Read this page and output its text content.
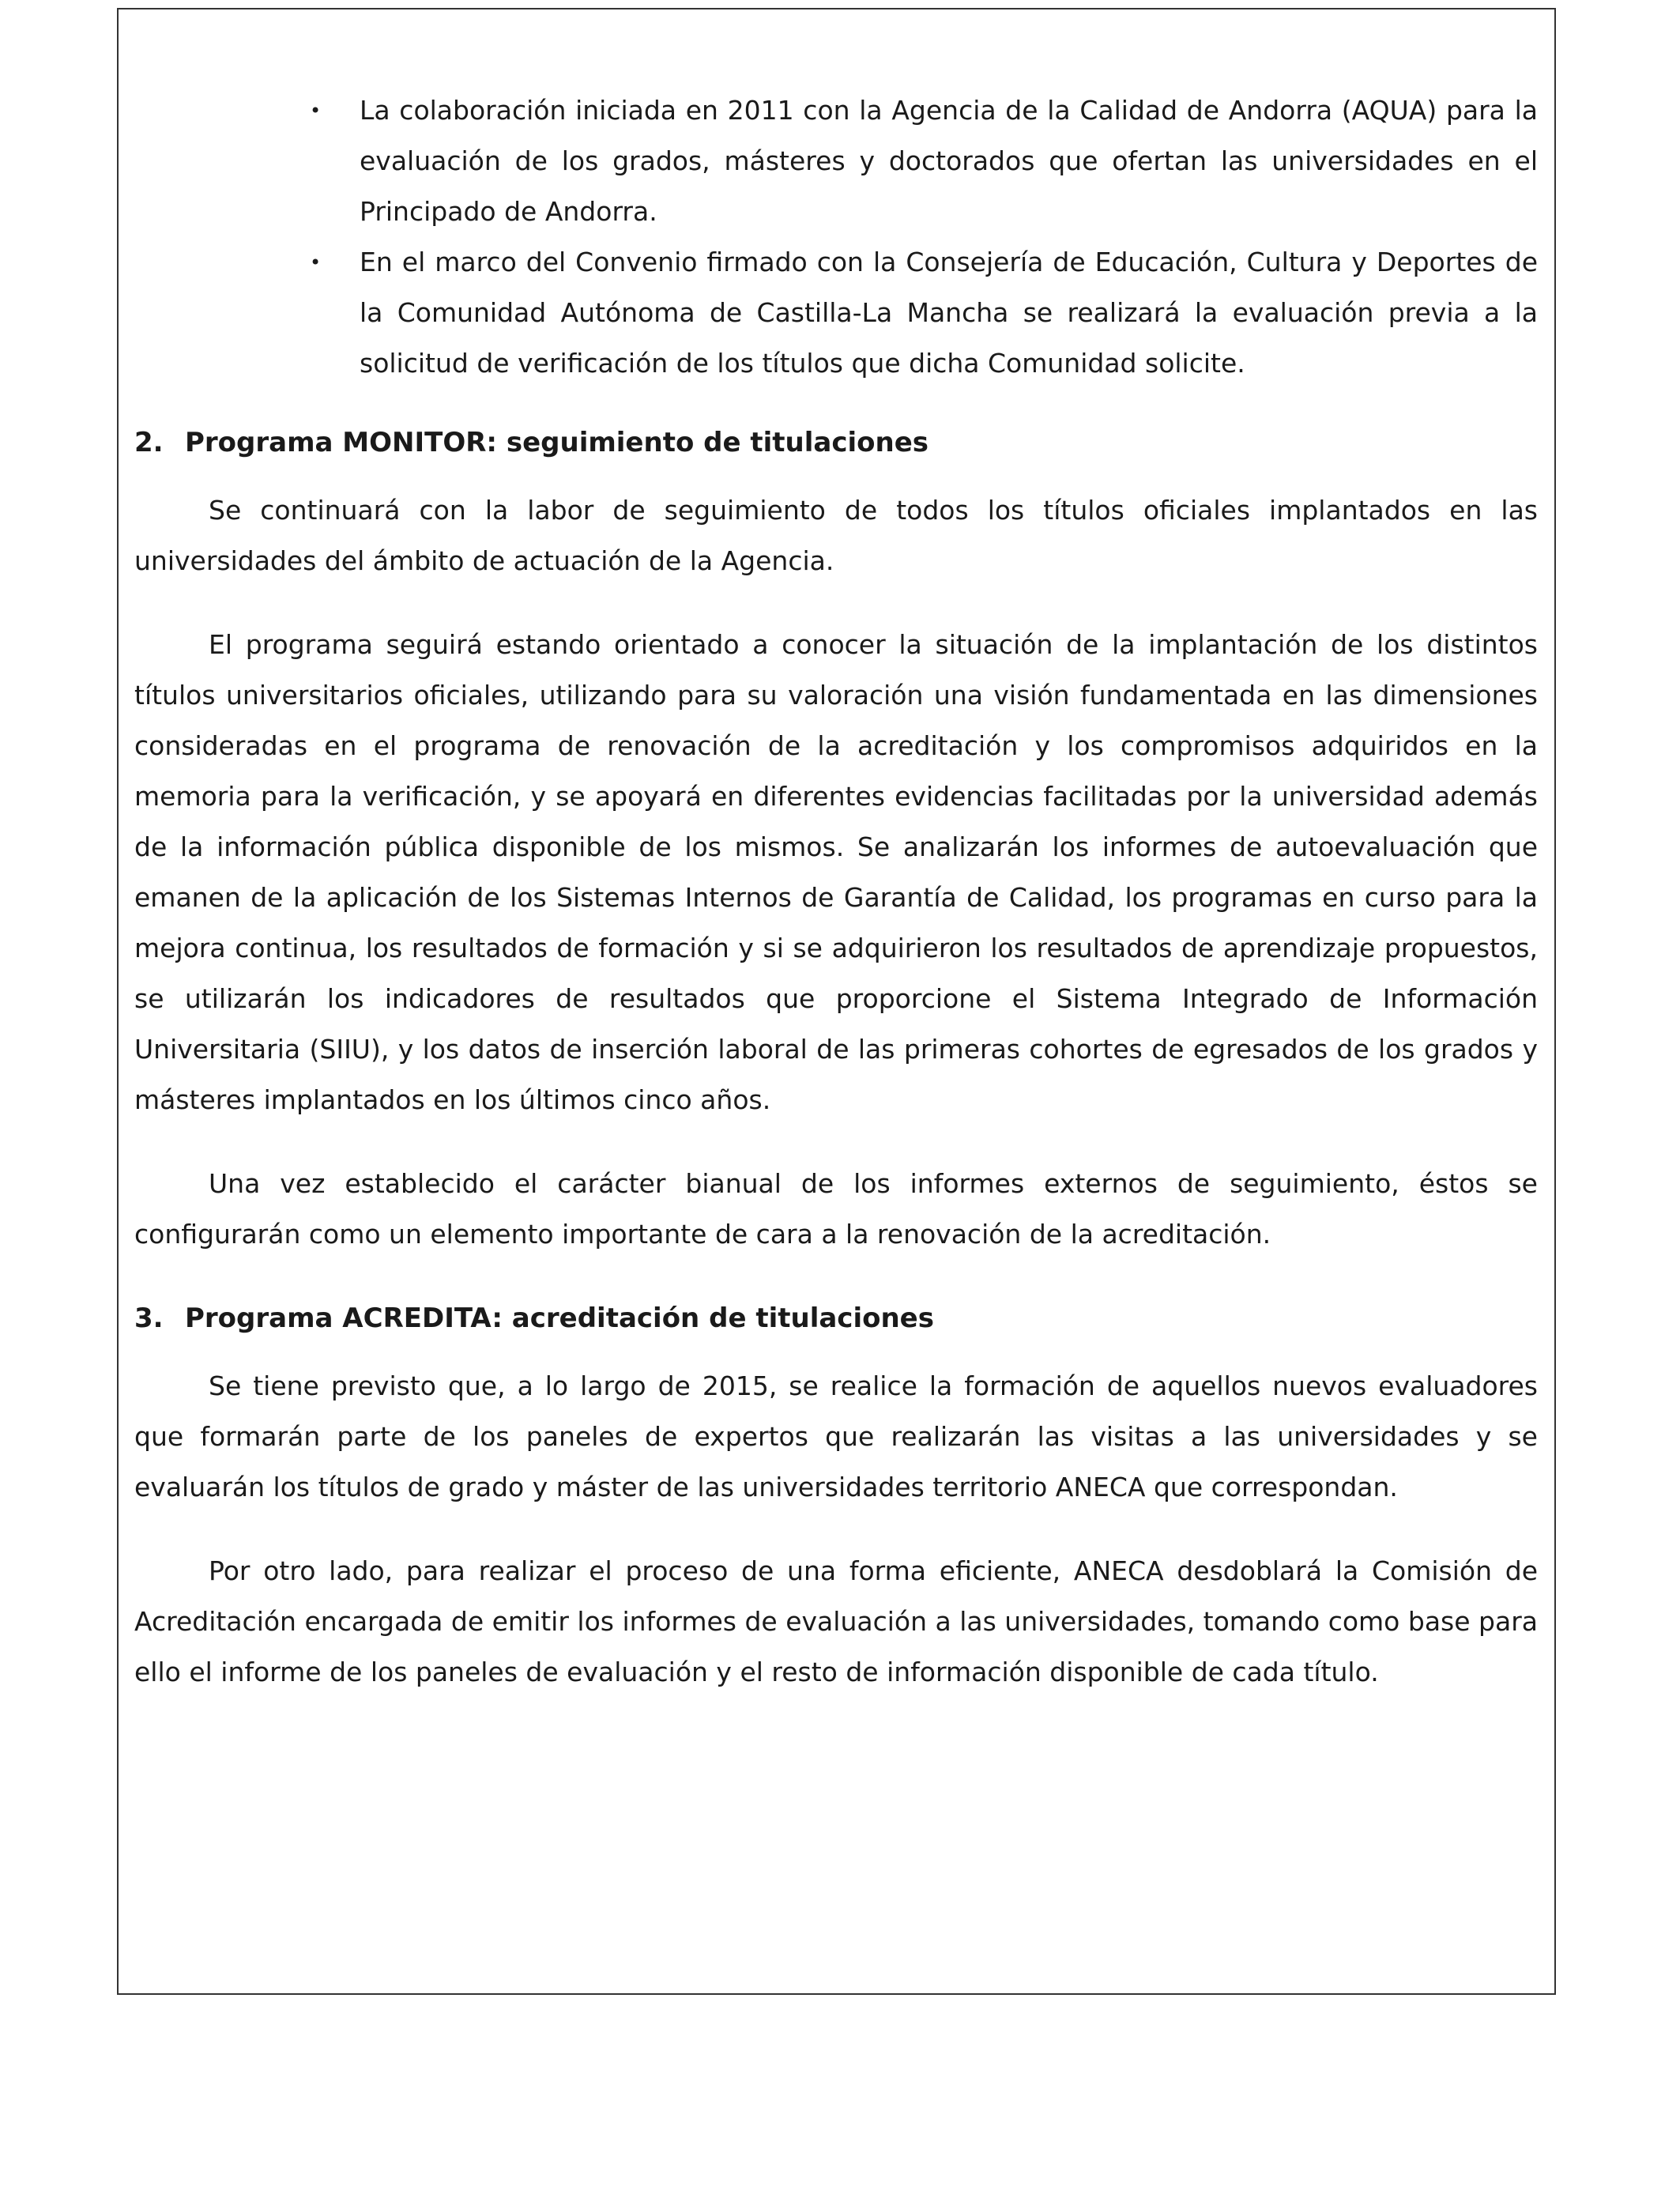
• La colaboración iniciada en 2011 con la Agencia de la Calidad de Andorra (AQUA) para la evaluación de los grados, másteres y doctorados que ofertan las universidades en el Principado de Andorra.
• En el marco del Convenio firmado con la Consejería de Educación, Cultura y Deportes de la Comunidad Autónoma de Castilla-La Mancha se realizará la evaluación previa a la solicitud de verificación de los títulos que dicha Comunidad solicite.
2. Programa MONITOR: seguimiento de titulaciones

Se continuará con la labor de seguimiento de todos los títulos oficiales implantados en las universidades del ámbito de actuación de la Agencia.

El programa seguirá estando orientado a conocer la situación de la implantación de los distintos títulos universitarios oficiales, utilizando para su valoración una visión fundamentada en las dimensiones consideradas en el programa de renovación de la acreditación y los compromisos adquiridos en la memoria para la verificación, y se apoyará en diferentes evidencias facilitadas por la universidad además de la información pública disponible de los mismos. Se analizarán los informes de autoevaluación que emanen de la aplicación de los Sistemas Internos de Garantía de Calidad, los programas en curso para la mejora continua, los resultados de formación y si se adquirieron los resultados de aprendizaje propuestos, se utilizarán los indicadores de resultados que proporcione el Sistema Integrado de Información Universitaria (SIIU), y los datos de inserción laboral de las primeras cohortes de egresados de los grados y másteres implantados en los últimos cinco años.

Una vez establecido el carácter bianual de los informes externos de seguimiento, éstos se configurarán como un elemento importante de cara a la renovación de la acreditación.

3. Programa ACREDITA: acreditación de titulaciones

Se tiene previsto que, a lo largo de 2015, se realice la formación de aquellos nuevos evaluadores que formarán parte de los paneles de expertos que realizarán las visitas a las universidades y se evaluarán los títulos de grado y máster de las universidades territorio ANECA que correspondan.

Por otro lado, para realizar el proceso de una forma eficiente, ANECA desdoblará la Comisión de Acreditación encargada de emitir los informes de evaluación a las universidades, tomando como base para ello el informe de los paneles de evaluación y el resto de información disponible de cada título.
